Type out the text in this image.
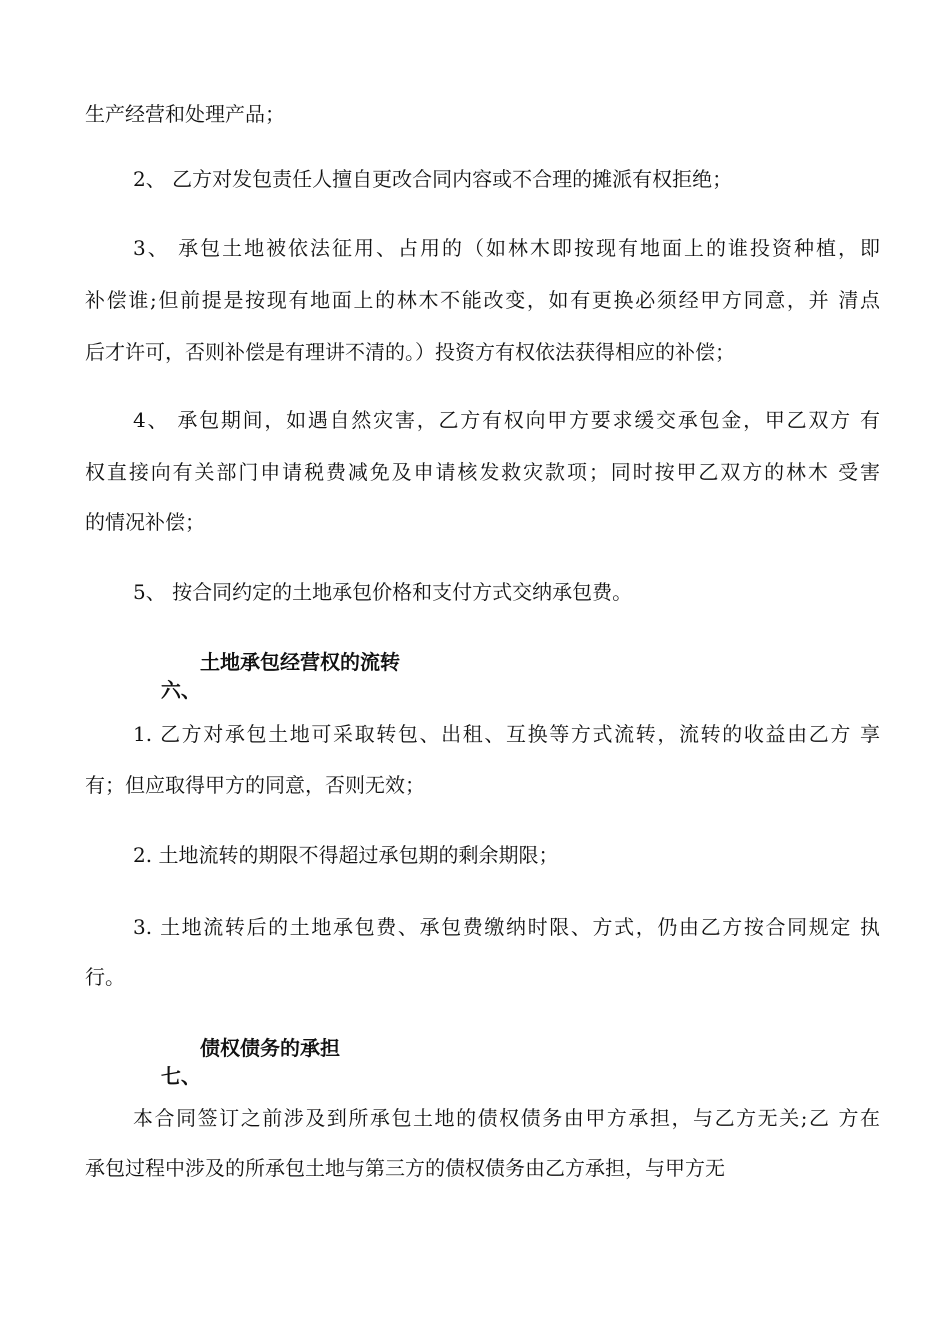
生产经营和处理产品；
2、 乙方对发包责任人擅自更改合同内容或不合理的摊派有权拒绝；
3、 承包土地被依法征用、占用的（如林木即按现有地面上的谁投资种植，即
补偿谁;但前提是按现有地面上的林木不能改变，如有更换必须经甲方同意，并 清点
后才许可，否则补偿是有理讲不清的。）投资方有权依法获得相应的补偿；
4、 承包期间，如遇自然灾害，乙方有权向甲方要求缓交承包金，甲乙双方 有
权直接向有关部门申请税费减免及申请核发救灾款项；同时按甲乙双方的林木 受害
的情况补偿；
5、 按合同约定的土地承包价格和支付方式交纳承包费。

六、

土地承包经营权的流转

1. 乙方对承包土地可采取转包、出租、互换等方式流转，流转的收益由乙方 享
有；但应取得甲方的同意，否则无效；
2. 土地流转的期限不得超过承包期的剩余期限；
3. 土地流转后的土地承包费、承包费缴纳时限、方式，仍由乙方按合同规定 执
行。

七、

债权债务的承担

本合同签订之前涉及到所承包土地的债权债务由甲方承担，与乙方无关;乙 方在
承包过程中涉及的所承包土地与第三方的债权债务由乙方承担，与甲方无
